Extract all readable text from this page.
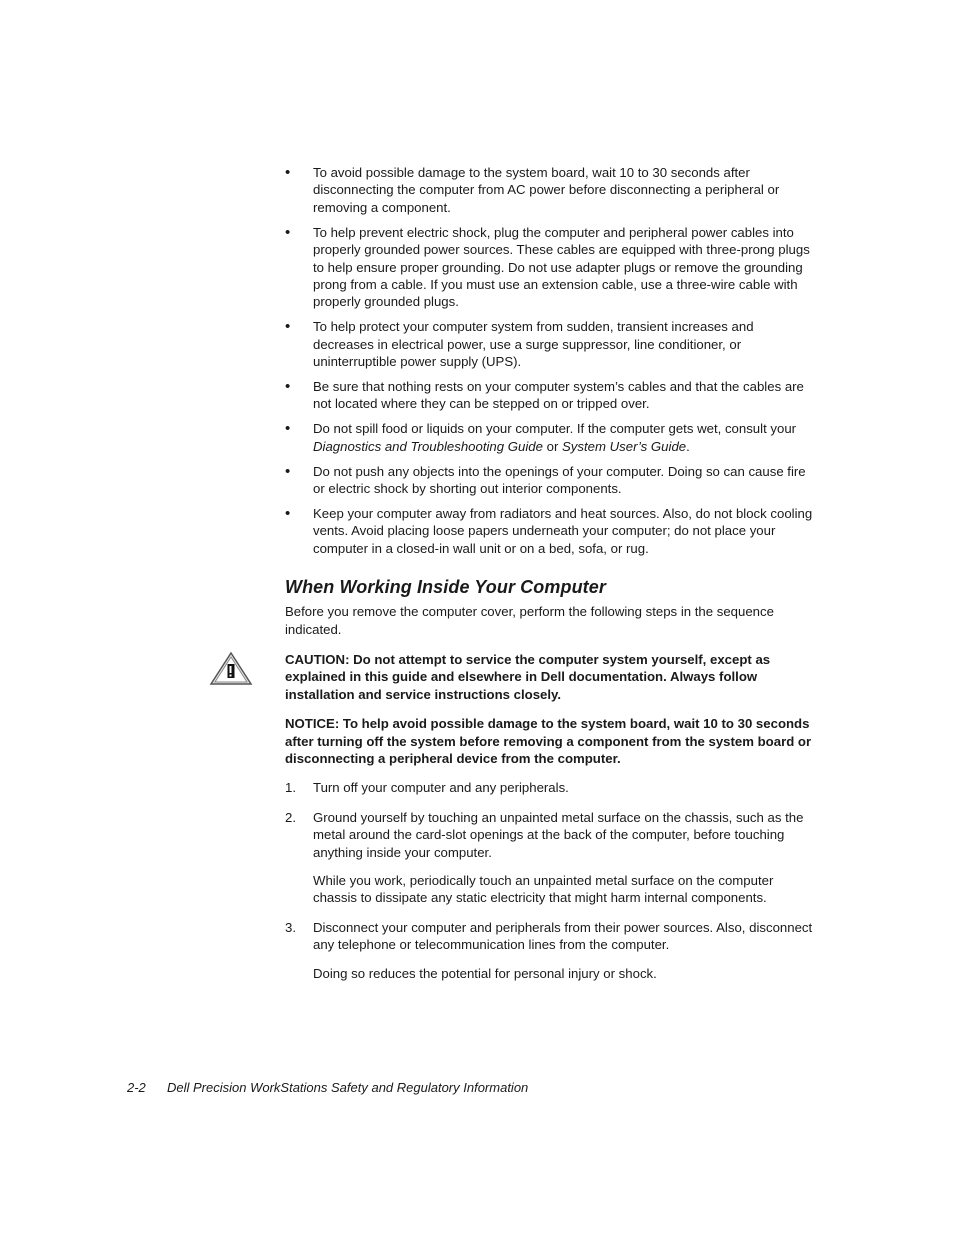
• To avoid possible damage to the system board, wait 10 to 30 seconds after disconnecting the computer from AC power before disconnecting a peripheral or removing a component.
• To help prevent electric shock, plug the computer and peripheral power cables into properly grounded power sources. These cables are equipped with three-prong plugs to help ensure proper grounding. Do not use adapter plugs or remove the grounding prong from a cable. If you must use an extension cable, use a three-wire cable with properly grounded plugs.
• To help protect your computer system from sudden, transient increases and decreases in electrical power, use a surge suppressor, line conditioner, or uninterruptible power supply (UPS).
• Be sure that nothing rests on your computer system’s cables and that the cables are not located where they can be stepped on or tripped over.
• Do not spill food or liquids on your computer. If the computer gets wet, consult your Diagnostics and Troubleshooting Guide or System User’s Guide.
• Do not push any objects into the openings of your computer. Doing so can cause fire or electric shock by shorting out interior components.
• Keep your computer away from radiators and heat sources. Also, do not block cooling vents. Avoid placing loose papers underneath your computer; do not place your computer in a closed-in wall unit or on a bed, sofa, or rug.
When Working Inside Your Computer

Before you remove the computer cover, perform the following steps in the sequence indicated.

CAUTION: Do not attempt to service the computer system yourself, except as explained in this guide and elsewhere in Dell documentation. Always follow installation and service instructions closely.

NOTICE: To help avoid possible damage to the system board, wait 10 to 30 seconds after turning off the system before removing a component from the system board or disconnecting a peripheral device from the computer.

1. Turn off your computer and any peripherals.
2. Ground yourself by touching an unpainted metal surface on the chassis, such as the metal around the card-slot openings at the back of the computer, before touching anything inside your computer.

While you work, periodically touch an unpainted metal surface on the computer chassis to dissipate any static electricity that might harm internal components.

3. Disconnect your computer and peripherals from their power sources. Also, disconnect any telephone or telecommunication lines from the computer.

Doing so reduces the potential for personal injury or shock.

2-2 Dell Precision WorkStations Safety and Regulatory Information
